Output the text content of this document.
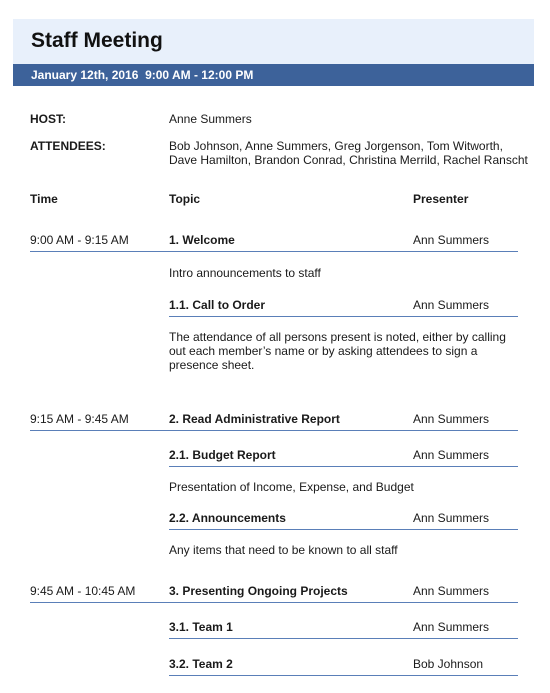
Staff Meeting
January 12th, 2016  9:00 AM - 12:00 PM
HOST:	Anne Summers
ATTENDEES:	Bob Johnson, Anne Summers, Greg Jorgenson, Tom Witworth,
Dave Hamilton, Brandon Conrad, Christina Merrild, Rachel Ranscht
Time	Topic	Presenter
9:00 AM - 9:15 AM	1. Welcome	Ann Summers
Intro announcements to staff
1.1. Call to Order	Ann Summers
The attendance of all persons present is noted, either by calling out each member’s name or by asking attendees to sign a presence sheet.
9:15 AM - 9:45 AM	2. Read Administrative Report	Ann Summers
2.1. Budget Report	Ann Summers
Presentation of Income, Expense, and Budget
2.2. Announcements	Ann Summers
Any items that need to be known to all staff
9:45 AM - 10:45 AM	3. Presenting Ongoing Projects	Ann Summers
3.1. Team 1	Ann Summers
3.2. Team 2	Bob Johnson
